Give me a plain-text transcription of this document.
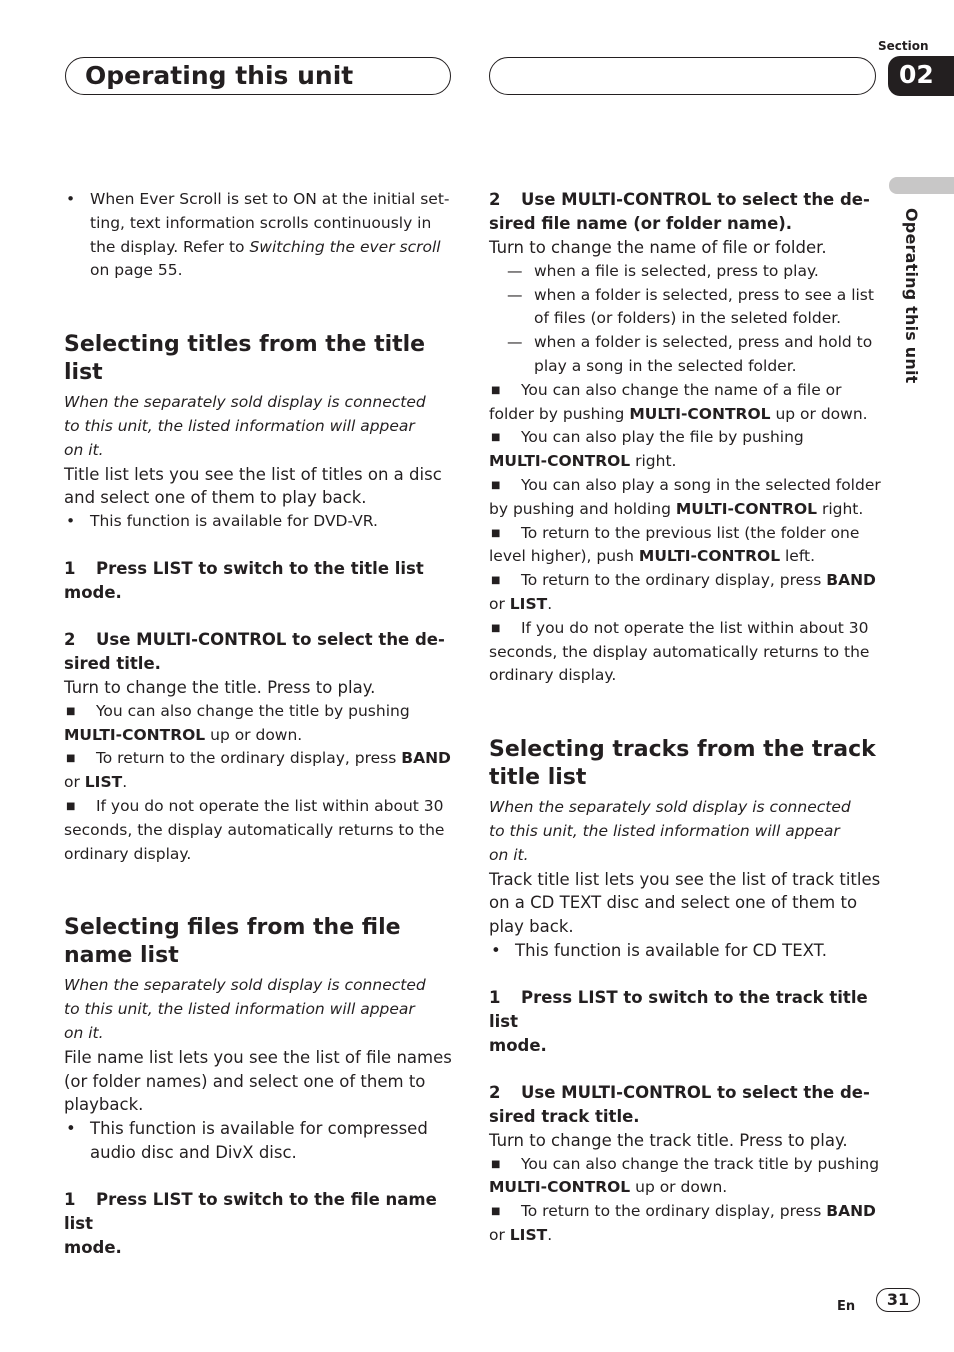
Operating this unit
Section
02
Operating this unit
• When Ever Scroll is set to ON at the initial set-
ting, text information scrolls continuously in
the display. Refer to Switching the ever scroll
on page 55.
Selecting titles from the title list
When the separately sold display is connected
to this unit, the listed information will appear
on it.
Title list lets you see the list of titles on a disc
and select one of them to play back.
• This function is available for DVD-VR.
1 Press LIST to switch to the title list
mode.
2 Use MULTI-CONTROL to select the de-
sired title.
Turn to change the title. Press to play.
■ You can also change the title by pushing
MULTI-CONTROL up or down.
■ To return to the ordinary display, press BAND
or LIST.
■ If you do not operate the list within about 30
seconds, the display automatically returns to the
ordinary display.
Selecting files from the file
name list
When the separately sold display is connected
to this unit, the listed information will appear
on it.
File name list lets you see the list of file names
(or folder names) and select one of them to
playback.
• This function is available for compressed
audio disc and DivX disc.
1 Press LIST to switch to the file name list
mode.
2 Use MULTI-CONTROL to select the de-
sired file name (or folder name).
Turn to change the name of file or folder.
— when a file is selected, press to play.
— when a folder is selected, press to see a list
of files (or folders) in the seleted folder.
— when a folder is selected, press and hold to
play a song in the selected folder.
■ You can also change the name of a file or
folder by pushing MULTI-CONTROL up or down.
■ You can also play the file by pushing
MULTI-CONTROL right.
■ You can also play a song in the selected folder
by pushing and holding MULTI-CONTROL right.
■ To return to the previous list (the folder one
level higher), push MULTI-CONTROL left.
■ To return to the ordinary display, press BAND
or LIST.
■ If you do not operate the list within about 30
seconds, the display automatically returns to the
ordinary display.
Selecting tracks from the track
title list
When the separately sold display is connected
to this unit, the listed information will appear
on it.
Track title list lets you see the list of track titles
on a CD TEXT disc and select one of them to
play back.
• This function is available for CD TEXT.
1 Press LIST to switch to the track title list
mode.
2 Use MULTI-CONTROL to select the de-
sired track title.
Turn to change the track title. Press to play.
■ You can also change the track title by pushing
MULTI-CONTROL up or down.
■ To return to the ordinary display, press BAND
or LIST.
En	31
